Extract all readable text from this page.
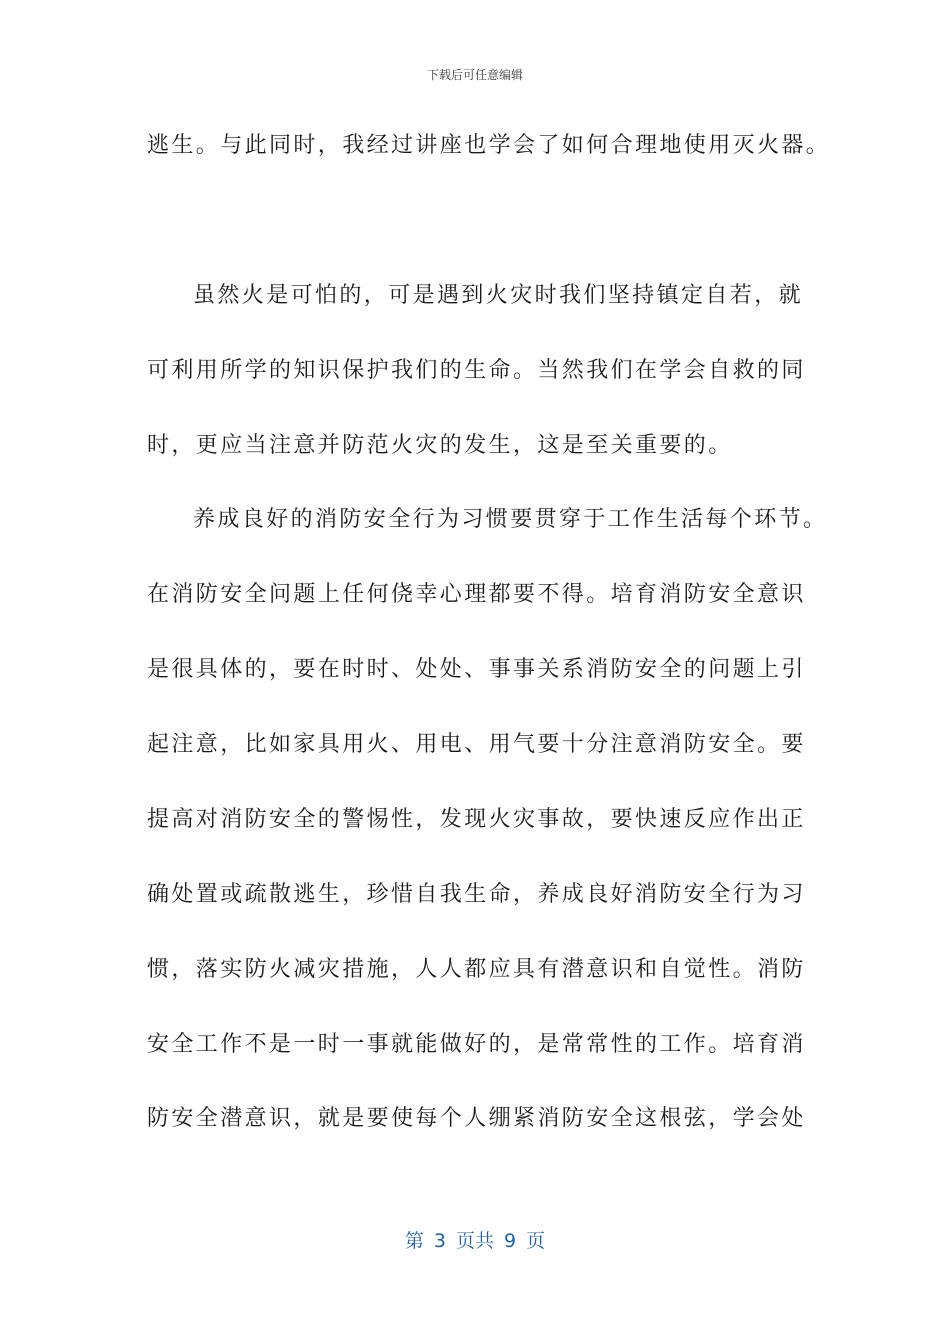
下载后可任意编辑
逃生。与此同时，我经过讲座也学会了如何合理地使用灭火器。
虽然火是可怕的，可是遇到火灾时我们坚持镇定自若，就
可利用所学的知识保护我们的生命。当然我们在学会自救的同
时，更应当注意并防范火灾的发生，这是至关重要的。
养成良好的消防安全行为习惯要贯穿于工作生活每个环节。
在消防安全问题上任何侥幸心理都要不得。培育消防安全意识
是很具体的，要在时时、处处、事事关系消防安全的问题上引
起注意，比如家具用火、用电、用气要十分注意消防安全。要
提高对消防安全的警惕性，发现火灾事故，要快速反应作出正
确处置或疏散逃生，珍惜自我生命，养成良好消防安全行为习
惯，落实防火减灾措施，人人都应具有潜意识和自觉性。消防
安全工作不是一时一事就能做好的，是常常性的工作。培育消
防安全潜意识，就是要使每个人绷紧消防安全这根弦，学会处
第 3 页共 9 页
